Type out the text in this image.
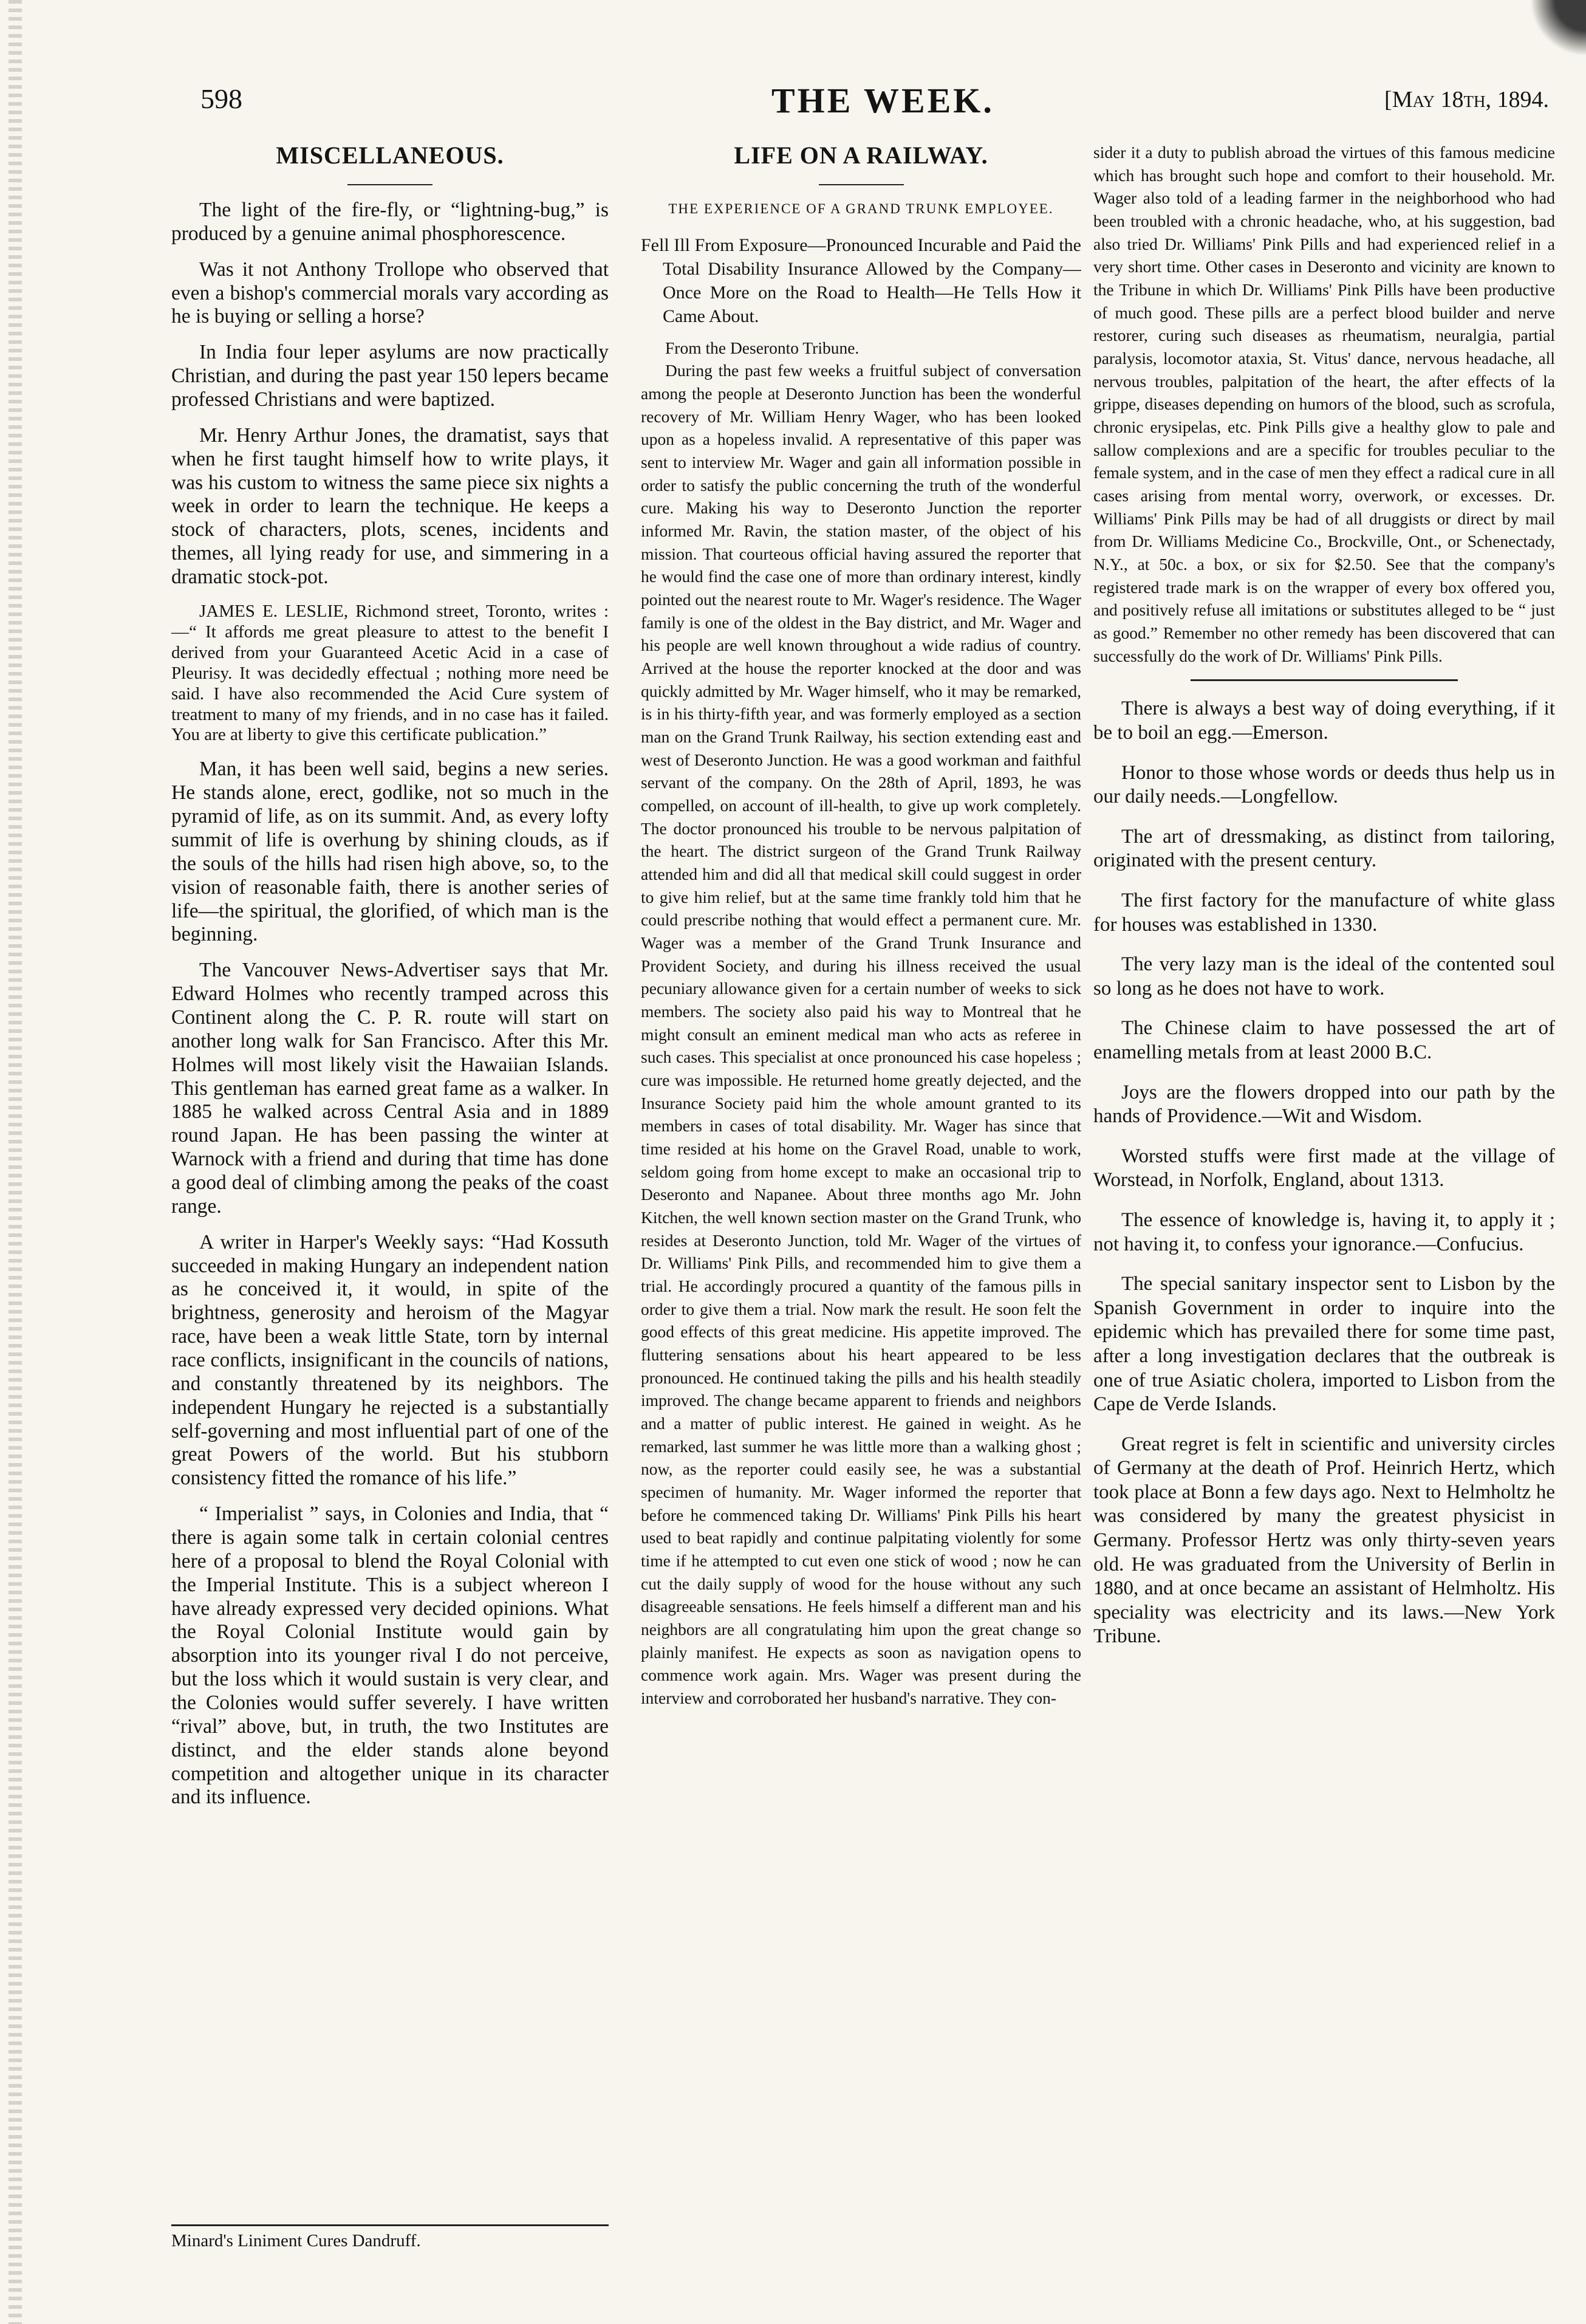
598	THE WEEK.	[May 18th, 1894.
MISCELLANEOUS.

The light of the fire-fly, or “lightning-bug,” is produced by a genuine animal phosphorescence.

Was it not Anthony Trollope who observed that even a bishop's commercial morals vary according as he is buying or selling a horse?

In India four leper asylums are now practically Christian, and during the past year 150 lepers became professed Christians and were baptized.

Mr. Henry Arthur Jones, the dramatist, says that when he first taught himself how to write plays, it was his custom to witness the same piece six nights a week in order to learn the technique. He keeps a stock of characters, plots, scenes, incidents and themes, all lying ready for use, and simmering in a dramatic stock-pot.

JAMES E. LESLIE, Richmond street, Toronto, writes :—“ It affords me great pleasure to attest to the benefit I derived from your Guaranteed Acetic Acid in a case of Pleurisy. It was decidedly effectual ; nothing more need be said. I have also recommended the Acid Cure system of treatment to many of my friends, and in no case has it failed. You are at liberty to give this certificate publication.”

Man, it has been well said, begins a new series. He stands alone, erect, godlike, not so much in the pyramid of life, as on its summit. And, as every lofty summit of life is overhung by shining clouds, as if the souls of the hills had risen high above, so, to the vision of reasonable faith, there is another series of life—the spiritual, the glorified, of which man is the beginning.

The Vancouver News-Advertiser says that Mr. Edward Holmes who recently tramped across this Continent along the C. P. R. route will start on another long walk for San Francisco. After this Mr. Holmes will most likely visit the Hawaiian Islands. This gentleman has earned great fame as a walker. In 1885 he walked across Central Asia and in 1889 round Japan. He has been passing the winter at Warnock with a friend and during that time has done a good deal of climbing among the peaks of the coast range.

A writer in Harper's Weekly says: “Had Kossuth succeeded in making Hungary an independent nation as he conceived it, it would, in spite of the brightness, generosity and heroism of the Magyar race, have been a weak little State, torn by internal race conflicts, insignificant in the councils of nations, and constantly threatened by its neighbors. The independent Hungary he rejected is a substantially self-governing and most influential part of one of the great Powers of the world. But his stubborn consistency fitted the romance of his life.”

“ Imperialist ” says, in Colonies and India, that “ there is again some talk in certain colonial centres here of a proposal to blend the Royal Colonial with the Imperial Institute. This is a subject whereon I have already expressed very decided opinions. What the Royal Colonial Institute would gain by absorption into its younger rival I do not perceive, but the loss which it would sustain is very clear, and the Colonies would suffer severely. I have written “rival” above, but, in truth, the two Institutes are distinct, and the elder stands alone beyond competition and altogether unique in its character and its influence.

Minard's Liniment Cures Dandruff.
LIFE ON A RAILWAY.
THE EXPERIENCE OF A GRAND TRUNK EMPLOYEE.
Fell Ill From Exposure—Pronounced Incurable and Paid the Total Disability Insurance Allowed by the Company—Once More on the Road to Health—He Tells How it Came About.

From the Deseronto Tribune.

During the past few weeks a fruitful subject of conversation among the people at Deseronto Junction has been the wonderful recovery of Mr. William Henry Wager, who has been looked upon as a hopeless invalid. A representative of this paper was sent to interview Mr. Wager and gain all information possible in order to satisfy the public concerning the truth of the wonderful cure. Making his way to Deseronto Junction the reporter informed Mr. Ravin, the station master, of the object of his mission. That courteous official having assured the reporter that he would find the case one of more than ordinary interest, kindly pointed out the nearest route to Mr. Wager's residence. The Wager family is one of the oldest in the Bay district, and Mr. Wager and his people are well known throughout a wide radius of country. Arrived at the house the reporter knocked at the door and was quickly admitted by Mr. Wager himself, who it may be remarked, is in his thirty-fifth year, and was formerly employed as a section man on the Grand Trunk Railway, his section extending east and west of Deseronto Junction. He was a good workman and faithful servant of the company. On the 28th of April, 1893, he was compelled, on account of ill-health, to give up work completely. The doctor pronounced his trouble to be nervous palpitation of the heart. The district surgeon of the Grand Trunk Railway attended him and did all that medical skill could suggest in order to give him relief, but at the same time frankly told him that he could prescribe nothing that would effect a permanent cure. Mr. Wager was a member of the Grand Trunk Insurance and Provident Society, and during his illness received the usual pecuniary allowance given for a certain number of weeks to sick members. The society also paid his way to Montreal that he might consult an eminent medical man who acts as referee in such cases. This specialist at once pronounced his case hopeless ; cure was impossible. He returned home greatly dejected, and the Insurance Society paid him the whole amount granted to its members in cases of total disability. Mr. Wager has since that time resided at his home on the Gravel Road, unable to work, seldom going from home except to make an occasional trip to Deseronto and Napanee. About three months ago Mr. John Kitchen, the well known section master on the Grand Trunk, who resides at Deseronto Junction, told Mr. Wager of the virtues of Dr. Williams' Pink Pills, and recommended him to give them a trial. He accordingly procured a quantity of the famous pills in order to give them a trial. Now mark the result. He soon felt the good effects of this great medicine. His appetite improved. The fluttering sensations about his heart appeared to be less pronounced. He continued taking the pills and his health steadily improved. The change became apparent to friends and neighbors and a matter of public interest. He gained in weight. As he remarked, last summer he was little more than a walking ghost ; now, as the reporter could easily see, he was a substantial specimen of humanity. Mr. Wager informed the reporter that before he commenced taking Dr. Williams' Pink Pills his heart used to beat rapidly and continue palpitating violently for some time if he attempted to cut even one stick of wood ; now he can cut the daily supply of wood for the house without any such disagreeable sensations. He feels himself a different man and his neighbors are all congratulating him upon the great change so plainly manifest. He expects as soon as navigation opens to commence work again. Mrs. Wager was present during the interview and corroborated her husband's narrative. They con-

sider it a duty to publish abroad the virtues of this famous medicine which has brought such hope and comfort to their household. Mr. Wager also told of a leading farmer in the neighborhood who had been troubled with a chronic headache, who, at his suggestion, bad also tried Dr. Williams' Pink Pills and had experienced relief in a very short time. Other cases in Deseronto and vicinity are known to the Tribune in which Dr. Williams' Pink Pills have been productive of much good. These pills are a perfect blood builder and nerve restorer, curing such diseases as rheumatism, neuralgia, partial paralysis, locomotor ataxia, St. Vitus' dance, nervous headache, all nervous troubles, palpitation of the heart, the after effects of la grippe, diseases depending on humors of the blood, such as scrofula, chronic erysipelas, etc. Pink Pills give a healthy glow to pale and sallow complexions and are a specific for troubles peculiar to the female system, and in the case of men they effect a radical cure in all cases arising from mental worry, overwork, or excesses. Dr. Williams' Pink Pills may be had of all druggists or direct by mail from Dr. Williams Medicine Co., Brockville, Ont., or Schenectady, N.Y., at 50c. a box, or six for $2.50. See that the company's registered trade mark is on the wrapper of every box offered you, and positively refuse all imitations or substitutes alleged to be “ just as good.” Remember no other remedy has been discovered that can successfully do the work of Dr. Williams' Pink Pills.

There is always a best way of doing everything, if it be to boil an egg.—Emerson.

Honor to those whose words or deeds thus help us in our daily needs.—Longfellow.

The art of dressmaking, as distinct from tailoring, originated with the present century.

The first factory for the manufacture of white glass for houses was established in 1330.

The very lazy man is the ideal of the contented soul so long as he does not have to work.

The Chinese claim to have possessed the art of enamelling metals from at least 2000 B.C.

Joys are the flowers dropped into our path by the hands of Providence.—Wit and Wisdom.

Worsted stuffs were first made at the village of Worstead, in Norfolk, England, about 1313.

The essence of knowledge is, having it, to apply it ; not having it, to confess your ignorance.—Confucius.

The special sanitary inspector sent to Lisbon by the Spanish Government in order to inquire into the epidemic which has prevailed there for some time past, after a long investigation declares that the outbreak is one of true Asiatic cholera, imported to Lisbon from the Cape de Verde Islands.

Great regret is felt in scientific and university circles of Germany at the death of Prof. Heinrich Hertz, which took place at Bonn a few days ago. Next to Helmholtz he was considered by many the greatest physicist in Germany. Professor Hertz was only thirty-seven years old. He was graduated from the University of Berlin in 1880, and at once became an assistant of Helmholtz. His speciality was electricity and its laws.—New York Tribune.
